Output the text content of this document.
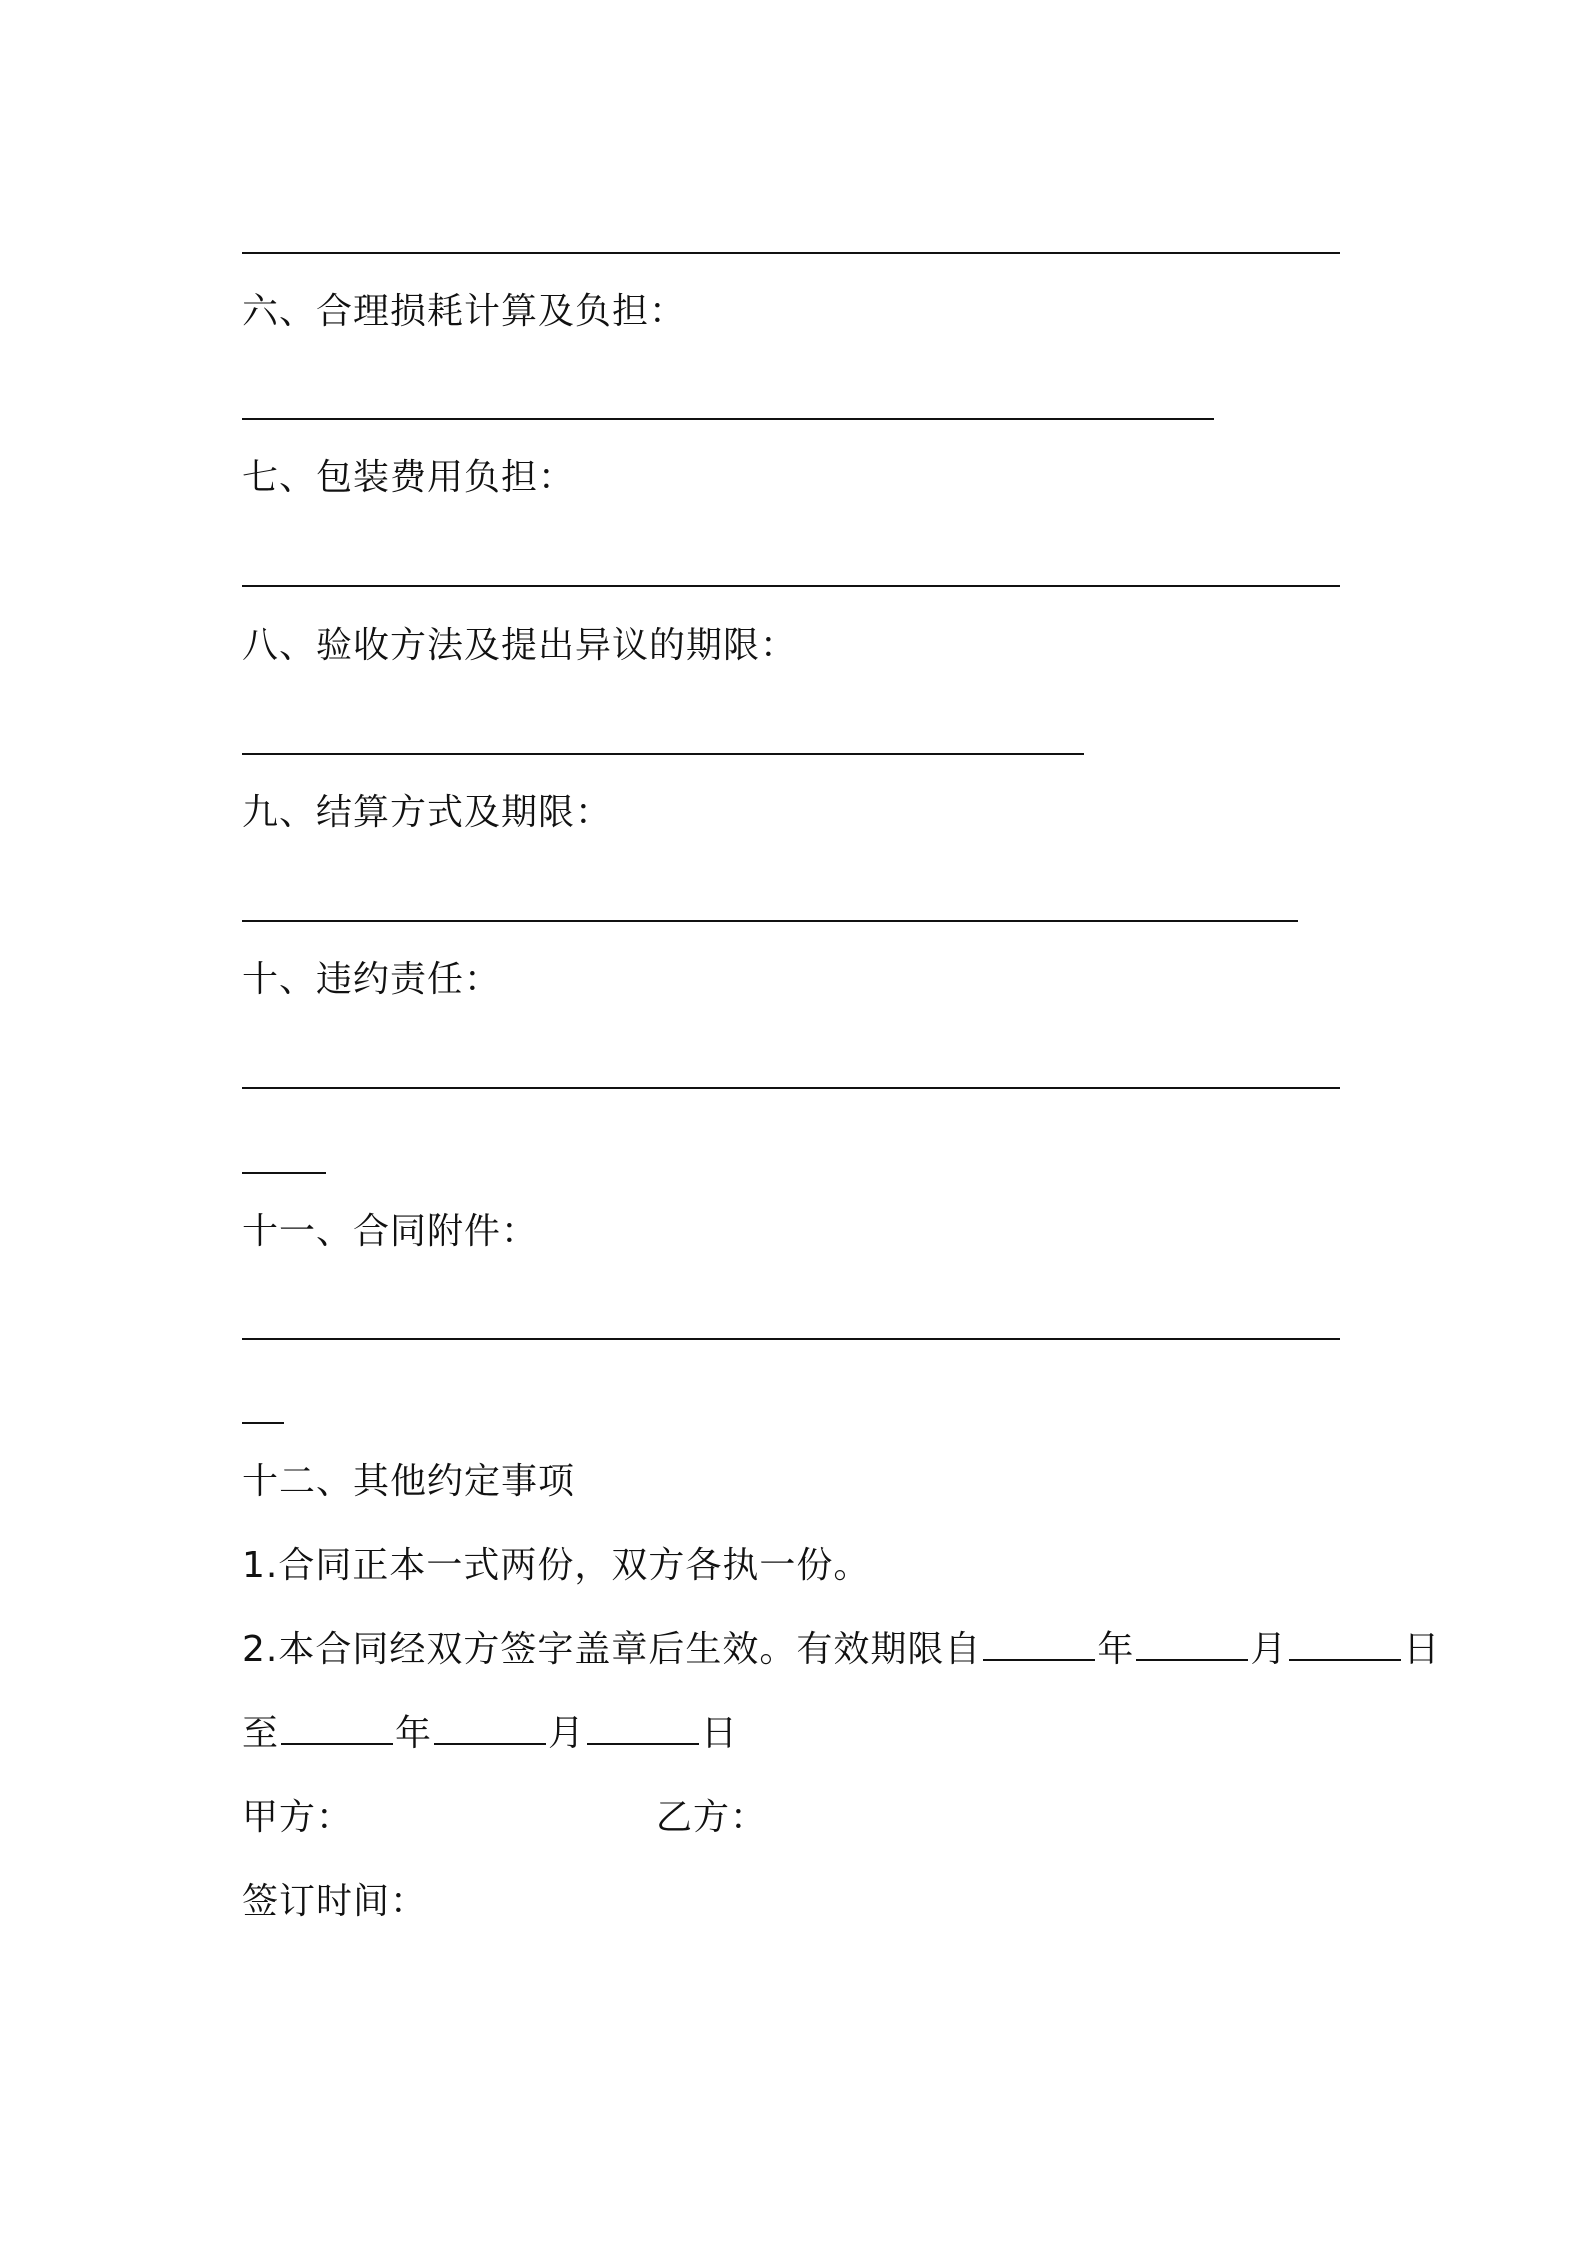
六、合理损耗计算及负担：
七、包装费用负担：
八、验收方法及提出异议的期限：
九、结算方式及期限：
十、违约责任：
十一、合同附件：
十二、其他约定事项
1.合同正本一式两份，双方各执一份。
2.本合同经双方签字盖章后生效。有效期限自	年	月	日
至	年	月	日
甲方：	乙方：
签订时间：
